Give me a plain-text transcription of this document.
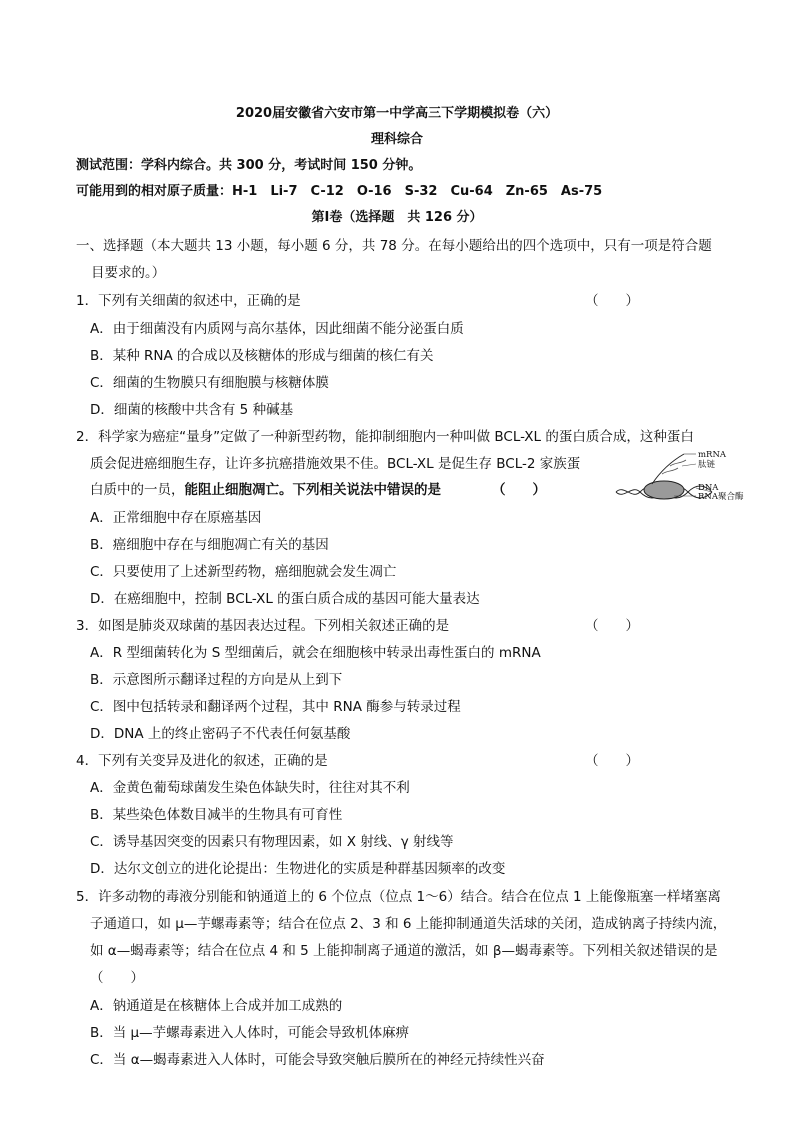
2020届安徽省六安市第一中学高三下学期模拟卷（六）
理科综合
测试范围：学科内综合。共 300 分，考试时间 150 分钟。
可能用到的相对原子质量：H-1　Li-7　C-12　O-16　S-32　Cu-64　Zn-65　As-75
第Ⅰ卷（选择题　共 126 分）
一、选择题（本大题共 13 小题，每小题 6 分，共 78 分。在每小题给出的四个选项中，只有一项是符合题
目要求的。）
1．下列有关细菌的叙述中，正确的是	（　　）
A．由于细菌没有内质网与高尔基体，因此细菌不能分泌蛋白质
B．某种 RNA 的合成以及核糖体的形成与细菌的核仁有关
C．细菌的生物膜只有细胞膜与核糖体膜
D．细菌的核酸中共含有 5 种碱基
2．科学家为癌症“量身”定做了一种新型药物，能抑制细胞内一种叫做 BCL-XL 的蛋白质合成，这种蛋白
质会促进癌细胞生存，让许多抗癌措施效果不佳。BCL-XL 是促生存 BCL-2 家族蛋
白质中的一员，能阻止细胞凋亡。下列相关说法中错误的是	（　　）
A．正常细胞中存在原癌基因
B．癌细胞中存在与细胞凋亡有关的基因
C．只要使用了上述新型药物，癌细胞就会发生凋亡
D．在癌细胞中，控制 BCL-XL 的蛋白质合成的基因可能大量表达
mRNA
肽链
DNA
RNA聚合酶
3．如图是肺炎双球菌的基因表达过程。下列相关叙述正确的是	（　　）
A．R 型细菌转化为 S 型细菌后，就会在细胞核中转录出毒性蛋白的 mRNA
B．示意图所示翻译过程的方向是从上到下
C．图中包括转录和翻译两个过程，其中 RNA 酶参与转录过程
D．DNA 上的终止密码子不代表任何氨基酸
4．下列有关变异及进化的叙述，正确的是	（　　）
A．金黄色葡萄球菌发生染色体缺失时，往往对其不利
B．某些染色体数目减半的生物具有可育性
C．诱导基因突变的因素只有物理因素，如 X 射线、γ 射线等
D．达尔文创立的进化论提出：生物进化的实质是种群基因频率的改变
5．许多动物的毒液分别能和钠通道上的 6 个位点（位点 1～6）结合。结合在位点 1 上能像瓶塞一样堵塞离
子通道口，如 μ—芋螺毒素等；结合在位点 2、3 和 6 上能抑制通道失活球的关闭，造成钠离子持续内流，
如 α—蝎毒素等；结合在位点 4 和 5 上能抑制离子通道的激活，如 β—蝎毒素等。下列相关叙述错误的是
（　　）
A．钠通道是在核糖体上合成并加工成熟的
B．当 μ—芋螺毒素进入人体时，可能会导致机体麻痹
C．当 α—蝎毒素进入人体时，可能会导致突触后膜所在的神经元持续性兴奋
